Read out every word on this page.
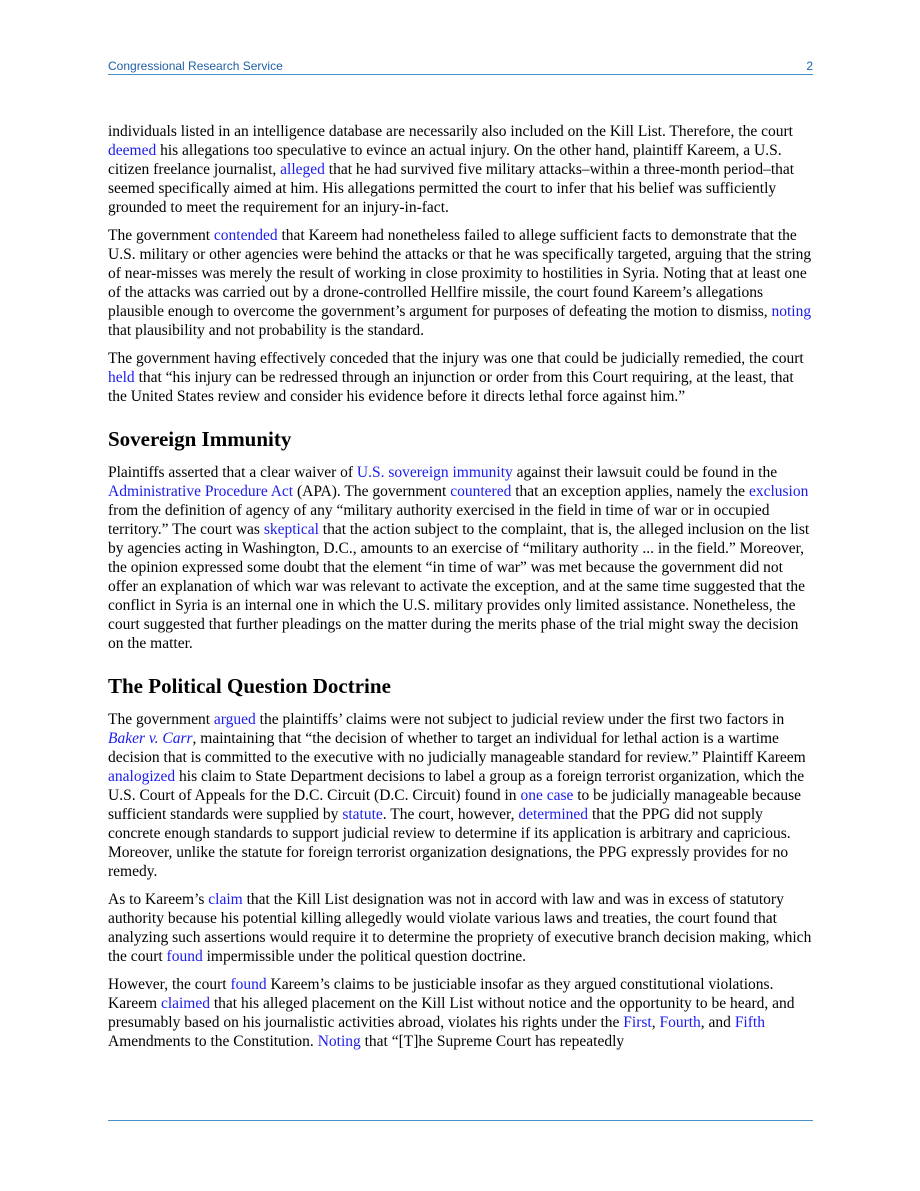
Congressional Research Service	2

individuals listed in an intelligence database are necessarily also included on the Kill List. Therefore, the court deemed his allegations too speculative to evince an actual injury. On the other hand, plaintiff Kareem, a U.S. citizen freelance journalist, alleged that he had survived five military attacks–within a three-month period–that seemed specifically aimed at him. His allegations permitted the court to infer that his belief was sufficiently grounded to meet the requirement for an injury-in-fact.

The government contended that Kareem had nonetheless failed to allege sufficient facts to demonstrate that the U.S. military or other agencies were behind the attacks or that he was specifically targeted, arguing that the string of near-misses was merely the result of working in close proximity to hostilities in Syria. Noting that at least one of the attacks was carried out by a drone-controlled Hellfire missile, the court found Kareem’s allegations plausible enough to overcome the government’s argument for purposes of defeating the motion to dismiss, noting that plausibility and not probability is the standard.

The government having effectively conceded that the injury was one that could be judicially remedied, the court held that “his injury can be redressed through an injunction or order from this Court requiring, at the least, that the United States review and consider his evidence before it directs lethal force against him.”

Sovereign Immunity

Plaintiffs asserted that a clear waiver of U.S. sovereign immunity against their lawsuit could be found in the Administrative Procedure Act (APA). The government countered that an exception applies, namely the exclusion from the definition of agency of any “military authority exercised in the field in time of war or in occupied territory.” The court was skeptical that the action subject to the complaint, that is, the alleged inclusion on the list by agencies acting in Washington, D.C., amounts to an exercise of “military authority ... in the field.” Moreover, the opinion expressed some doubt that the element “in time of war” was met because the government did not offer an explanation of which war was relevant to activate the exception, and at the same time suggested that the conflict in Syria is an internal one in which the U.S. military provides only limited assistance. Nonetheless, the court suggested that further pleadings on the matter during the merits phase of the trial might sway the decision on the matter.

The Political Question Doctrine

The government argued the plaintiffs’ claims were not subject to judicial review under the first two factors in Baker v. Carr, maintaining that “the decision of whether to target an individual for lethal action is a wartime decision that is committed to the executive with no judicially manageable standard for review.” Plaintiff Kareem analogized his claim to State Department decisions to label a group as a foreign terrorist organization, which the U.S. Court of Appeals for the D.C. Circuit (D.C. Circuit) found in one case to be judicially manageable because sufficient standards were supplied by statute. The court, however, determined that the PPG did not supply concrete enough standards to support judicial review to determine if its application is arbitrary and capricious. Moreover, unlike the statute for foreign terrorist organization designations, the PPG expressly provides for no remedy.

As to Kareem’s claim that the Kill List designation was not in accord with law and was in excess of statutory authority because his potential killing allegedly would violate various laws and treaties, the court found that analyzing such assertions would require it to determine the propriety of executive branch decision making, which the court found impermissible under the political question doctrine.

However, the court found Kareem’s claims to be justiciable insofar as they argued constitutional violations. Kareem claimed that his alleged placement on the Kill List without notice and the opportunity to be heard, and presumably based on his journalistic activities abroad, violates his rights under the First, Fourth, and Fifth Amendments to the Constitution. Noting that “[T]he Supreme Court has repeatedly
